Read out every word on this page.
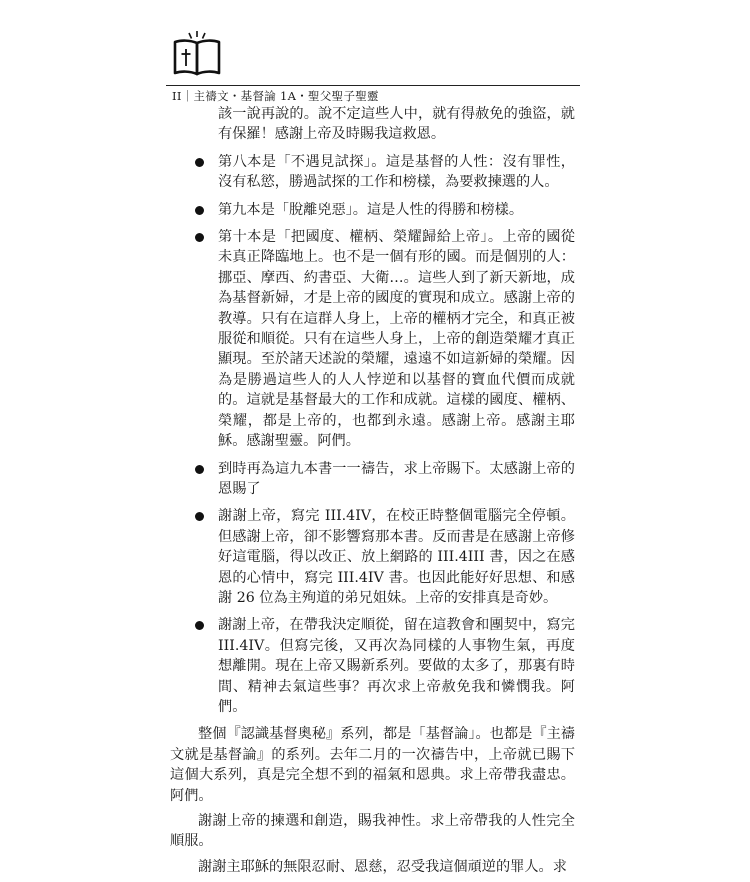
II｜主禱文・基督論 1A・聖父聖子聖靈

該一說再說的。說不定這些人中，就有得赦免的強盜，就有保羅！感謝上帝及時賜我這救恩。

第八本是「不遇見試探」。這是基督的人性：沒有罪性，沒有私慾，勝過試探的工作和榜樣，為要救揀選的人。
第九本是「脫離兇惡」。這是人性的得勝和榜樣。
第十本是「把國度、權柄、榮耀歸給上帝」。上帝的國從未真正降臨地上。也不是一個有形的國。而是個別的人：挪亞、摩西、約書亞、大衛…。這些人到了新天新地，成為基督新婦，才是上帝的國度的實現和成立。感謝上帝的教導。只有在這群人身上，上帝的權柄才完全，和真正被服從和順從。只有在這些人身上，上帝的創造榮耀才真正顯現。至於諸天述說的榮耀，遠遠不如這新婦的榮耀。因為是勝過這些人的人人悖逆和以基督的寶血代價而成就的。這就是基督最大的工作和成就。這樣的國度、權柄、榮耀，都是上帝的，也都到永遠。感謝上帝。感謝主耶穌。感謝聖靈。阿們。
到時再為這九本書一一禱告，求上帝賜下。太感謝上帝的恩賜了
謝謝上帝，寫完 III.4IV，在校正時整個電腦完全停頓。但感謝上帝，卻不影響寫那本書。反而書是在感謝上帝修好這電腦，得以改正、放上網路的 III.4III 書，因之在感恩的心情中，寫完 III.4IV 書。也因此能好好思想、和感謝 26 位為主殉道的弟兄姐妹。上帝的安排真是奇妙。
謝謝上帝，在帶我決定順從，留在這教會和團契中，寫完 III.4IV。但寫完後，又再次為同樣的人事物生氣，再度想離開。現在上帝又賜新系列。要做的太多了，那裏有時間、精神去氣這些事？再次求上帝赦免我和憐憫我。阿們。

整個『認識基督奧秘』系列，都是「基督論」。也都是『主禱文就是基督論』的系列。去年二月的一次禱告中，上帝就已賜下這個大系列，真是完全想不到的福氣和恩典。求上帝帶我盡忠。阿們。

謝謝上帝的揀選和創造，賜我神性。求上帝帶我的人性完全順服。

謝謝主耶穌的無限忍耐、恩慈，忍受我這個頑逆的罪人。求
